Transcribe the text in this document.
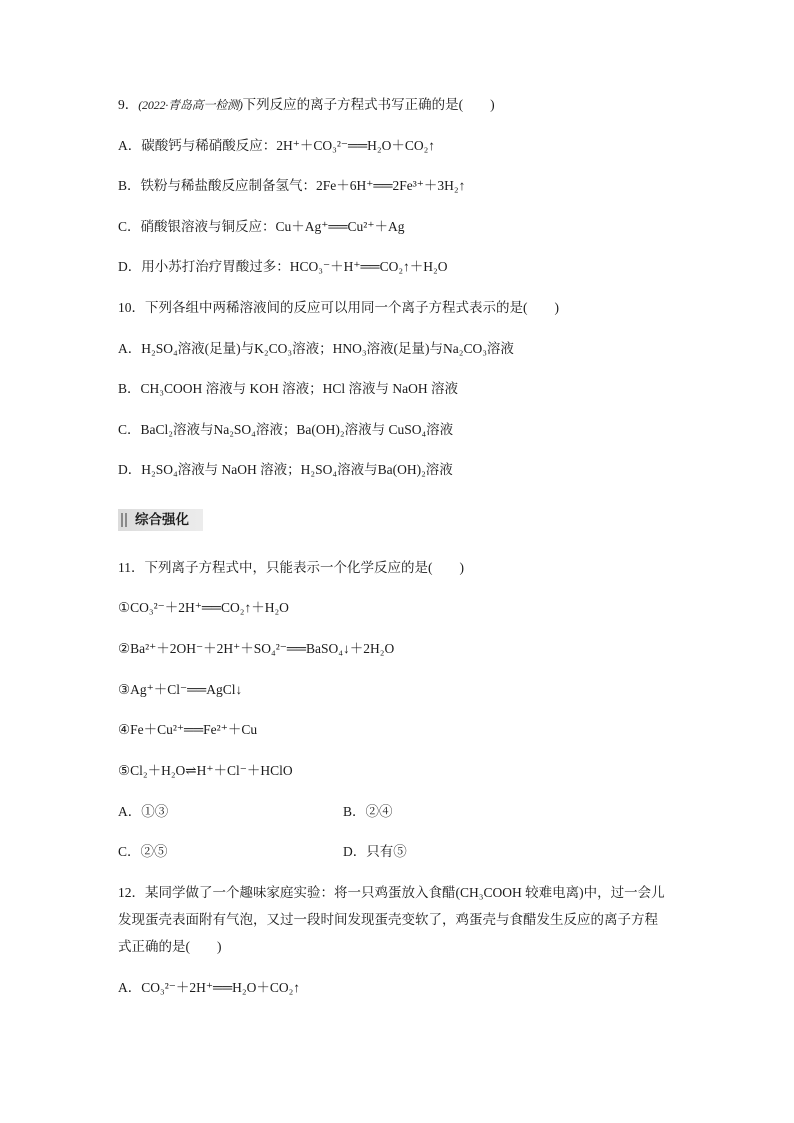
9．(2022·青岛高一检测)下列反应的离子方程式书写正确的是(　　)
A．碳酸钙与稀硝酸反应：2H⁺＋CO₃²⁻══H₂O＋CO₂↑
B．铁粉与稀盐酸反应制备氢气：2Fe＋6H⁺══2Fe³⁺＋3H₂↑
C．硝酸银溶液与铜反应：Cu＋Ag⁺══Cu²⁺＋Ag
D．用小苏打治疗胃酸过多：HCO₃⁻＋H⁺══CO₂↑＋H₂O
10．下列各组中两稀溶液间的反应可以用同一个离子方程式表示的是(　　)
A．H₂SO₄溶液(足量)与K₂CO₃溶液；HNO₃溶液(足量)与Na₂CO₃溶液
B．CH₃COOH 溶液与 KOH 溶液；HCl 溶液与 NaOH 溶液
C．BaCl₂溶液与Na₂SO₄溶液；Ba(OH)₂溶液与 CuSO₄溶液
D．H₂SO₄溶液与 NaOH 溶液；H₂SO₄溶液与Ba(OH)₂溶液
综合强化
11．下列离子方程式中，只能表示一个化学反应的是(　　)
①CO₃²⁻＋2H⁺══CO₂↑＋H₂O
②Ba²⁺＋2OH⁻＋2H⁺＋SO₄²⁻══BaSO₄↓＋2H₂O
③Ag⁺＋Cl⁻══AgCl↓
④Fe＋Cu²⁺══Fe²⁺＋Cu
⑤Cl₂＋H₂O⇌H⁺＋Cl⁻＋HClO
A．①③	B．②④
C．②⑤	D．只有⑤
12．某同学做了一个趣味家庭实验：将一只鸡蛋放入食醋(CH₃COOH 较难电离)中，过一会儿
发现蛋壳表面附有气泡，又过一段时间发现蛋壳变软了，鸡蛋壳与食醋发生反应的离子方程
式正确的是(　　)
A．CO₃²⁻＋2H⁺══H₂O＋CO₂↑
